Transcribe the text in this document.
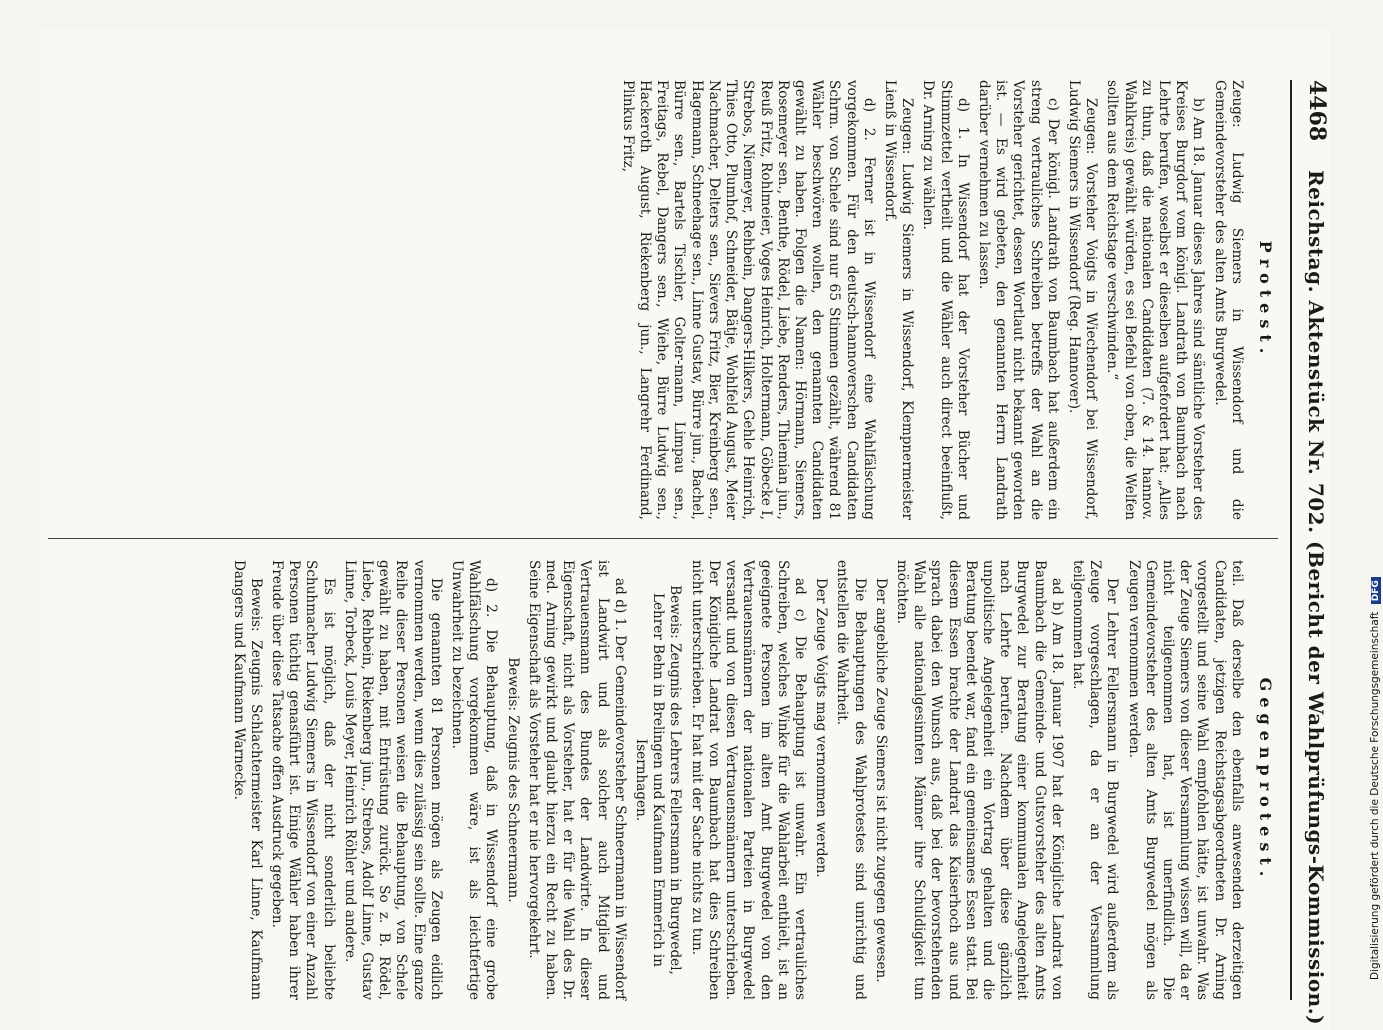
4468
Reichstag. Aktenstück Nr. 702. (Bericht der Wahlprüfungs-Kommission.)
Protest.

Zeuge: Ludwig Siemers in Wissendorf und die Gemeindevorsteher des alten Amts Burgwedel.

b) Am 18. Januar dieses Jahres sind sämtliche Vorsteher des Kreises Burgdorf vom königl. Landrath von Baumbach nach Lehrte berufen, woselbst er dieselben aufgefordert hat: „Alles zu thun, daß die nationalen Candidaten (7. & 14. hannov. Wahlkreis) gewählt würden, es sei Befehl von oben, die Welfen sollten aus dem Reichstage verschwinden.“

Zeugen: Vorsteher Voigts in Wiechendorf bei Wissendorf, Ludwig Siemers in Wissendorf (Reg. Hannover).

c) Der königl. Landrath von Baumbach hat außerdem ein streng vertrauliches Schreiben betreffs der Wahl an die Vorsteher gerichtet, dessen Wortlaut nicht bekannt geworden ist. — Es wird gebeten, den genannten Herrn Landrath darüber vernehmen zu lassen.

d) 1. In Wissendorf hat der Vorsteher Bücher und Stimmzettel vertheilt und die Wähler auch direct beeinflußt, Dr. Arning zu wählen.

Zeugen: Ludwig Siemers in Wissendorf, Klempnermeister Lienß in Wissendorf.

d) 2. Ferner ist in Wissendorf eine Wahlfälschung vorgekommen. Für den deutsch-hannoverschen Candidaten Schrm. von Schele sind nur 65 Stimmen gezählt, während 81 Wähler beschwören wollen, den genannten Candidaten gewählt zu haben. Folgen die Namen: Hörmann, Siemers, Rosemeyer sen., Benthe, Rödel, Liebe, Renders, Thiemian jun., Reuß Fritz, Rohlmeier, Voges Heinrich, Holtermann, Göbecke I, Strebos, Niemeyer, Rehbein, Dangers-Hilkers, Gehle Heinrich, Thies Otto, Plumhof, Schneider, Bätje, Wohlfeld August, Meier Nachmacher, Delters sen., Sievers Fritz, Bier, Kreinberg sen., Hagemann, Schneehage sen., Linne Gustav, Bürre jun., Bachel, Bürre sen., Bartels Tischler, Golter-mann, Limpau sen., Freitags, Rebel, Dangers sen., Wiehe, Bürre Ludwig sen., Hackeroth August, Riekenberg jun., Langrehr Ferdinand, Plinkus Fritz,

Gegenprotest.

teil. Daß derselbe den ebenfalls anwesenden derzeitigen Candidaten, jetzigen Reichstagsabgeordneten Dr. Arning vorgestellt und seine Wahl empfohlen hätte, ist unwahr. Was der Zeuge Siemers von dieser Versammlung wissen will, da er nicht teilgenommen hat, ist unerfindlich. Die Gemeindevorsteher des alten Amts Burgwedel mögen als Zeugen vernommen werden.

Der Lehrer Fellersmann in Burgwedel wird außerdem als Zeuge vorgeschlagen, da er an der Versammlung teilgenommen hat.

ad b) Am 18. Januar 1907 hat der Königliche Landrat von Baumbach die Gemeinde- und Gutsvorsteher des alten Amts Burgwedel zur Beratung einer kommunalen Angelegenheit nach Lehrte berufen. Nachdem über diese gänzlich unpolitische Angelegenheit ein Vortrag gehalten und die Beratung beendet war, fand ein gemeinsames Essen statt. Bei diesem Essen brachte der Landrat das Kaiserhoch aus und sprach dabei den Wunsch aus, daß bei der bevorstehenden Wahl alle nationalgesinnten Männer ihre Schuldigkeit tun möchten.

Der angebliche Zeuge Siemers ist nicht zugegen gewesen.

Die Behauptungen des Wahlprotestes sind unrichtig und entstellen die Wahrheit.

Der Zeuge Voigts mag vernommen werden.

ad c) Die Behauptung ist unwahr. Ein vertrauliches Schreiben, welches Winke für die Wahlarbeit enthielt, ist an geeignete Personen im alten Amt Burgwedel von den Vertrauensmännern der nationalen Parteien in Burgwedel versandt und von diesen Vertrauensmännern unterschrieben. Der Königliche Landrat von Baumbach hat dies Schreiben nicht unterschrieben. Er hat mit der Sache nichts zu tun.

Beweis: Zeugnis des Lehrers Fellersmann in Burgwedel, Lehrer Behn in Brelingen und Kaufmann Emmerich in Isernhagen.

ad d) 1. Der Gemeindevorsteher Schneermann in Wissendorf ist Landwirt und als solcher auch Mitglied und Vertrauensmann des Bundes der Landwirte. In dieser Eigenschaft, nicht als Vorsteher, hat er für die Wahl des Dr. med. Arning gewirkt und glaubt hierzu ein Recht zu haben. Seine Eigenschaft als Vorsteher hat er nie hervorgekehrt.

Beweis: Zeugnis des Schneermann.

d) 2. Die Behauptung, daß in Wissendorf eine grobe Wahlfälschung vorgekommen wäre, ist als leichtfertige Unwahrheit zu bezeichnen.

Die genannten 81 Personen mögen als Zeugen eidlich vernommen werden, wenn dies zulässig sein sollte. Eine ganze Reihe dieser Personen weisen die Behauptung, von Schele gewählt zu haben, mit Entrüstung zurück. So z. B. Rödel, Liebe, Rehbein, Riekenberg jun., Strebos, Adolf Linne, Gustav Linne, Torbeck, Louis Meyer, Heinrich Röhler und andere.

Es ist möglich, daß der nicht sonderlich beliebte Schuhmacher Ludwig Siemers in Wissendorf von einer Anzahl Personen tüchtig genasführt ist. Einige Wähler haben ihrer Freude über diese Tatsache offen Ausdruck gegeben.

Beweis: Zeugnis Schlachtermeister Karl Linne, Kaufmann Dangers und Kaufmann Warnecke.	Digitalisierung gefördert durch die Deutsche Forschungsgemeinschaft DFG
